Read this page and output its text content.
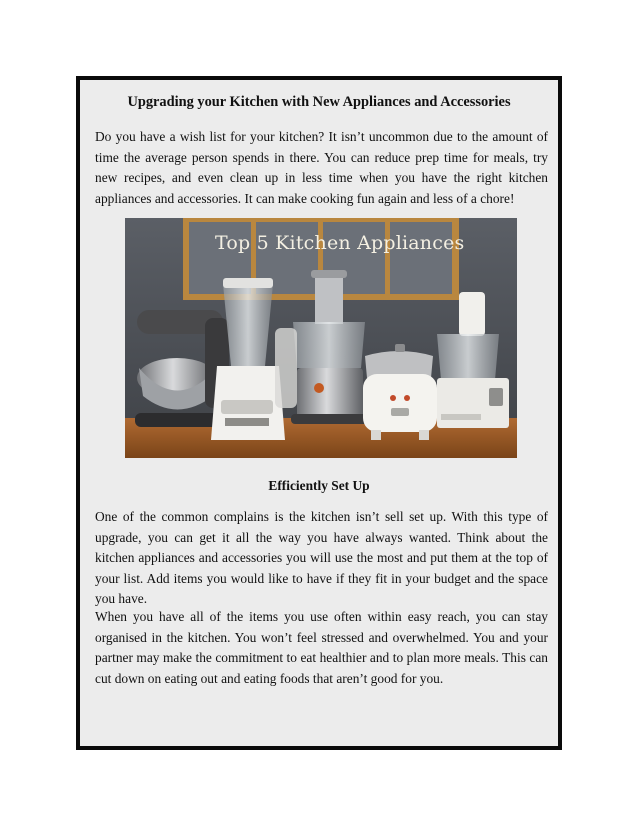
Upgrading your Kitchen with New Appliances and Accessories

Do you have a wish list for your kitchen? It isn’t uncommon due to the amount of time the average person spends in there. You can reduce prep time for meals, try new recipes, and even clean up in less time when you have the right kitchen appliances and accessories. It can make cooking fun again and less of a chore!

Top 5 Kitchen Appliances
Efficiently Set Up

One of the common complains is the kitchen isn’t sell set up. With this type of upgrade, you can get it all the way you have always wanted. Think about the kitchen appliances and accessories you will use the most and put them at the top of your list. Add items you would like to have if they fit in your budget and the space you have.

When you have all of the items you use often within easy reach, you can stay organised in the kitchen. You won’t feel stressed and overwhelmed. You and your partner may make the commitment to eat healthier and to plan more meals. This can cut down on eating out and eating foods that aren’t good for you.
